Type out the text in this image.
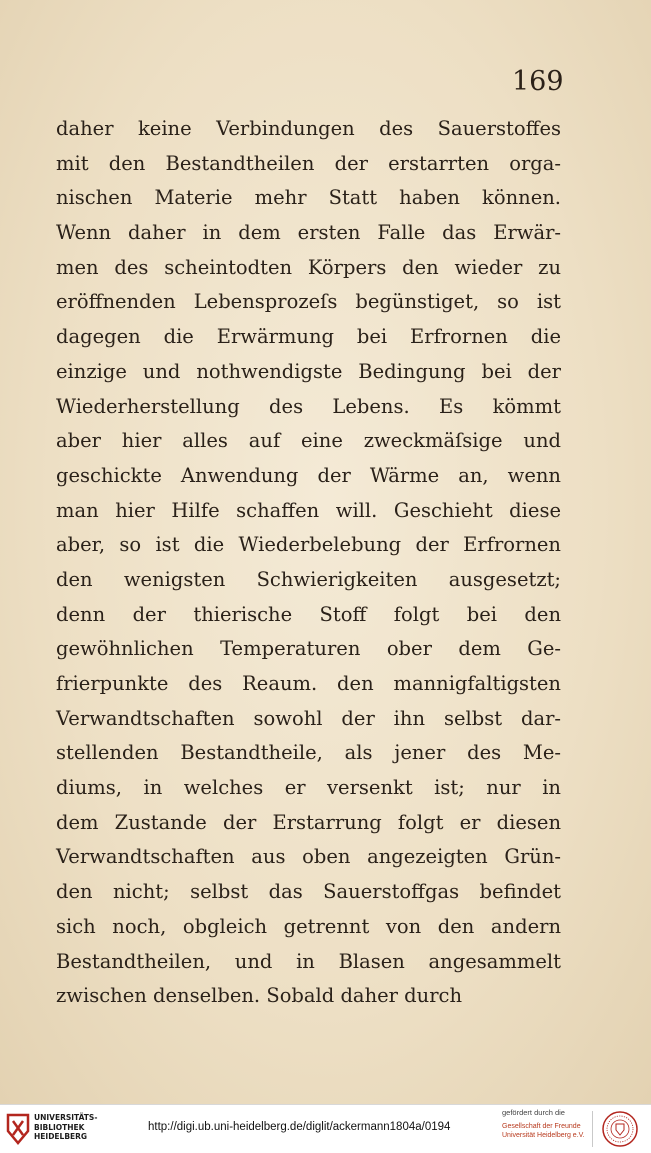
169
daher keine Verbindungen des Sauerstoffes
mit den Bestandtheilen der erstarrten orga-
nischen Materie mehr Statt haben können.
Wenn daher in dem ersten Falle das Erwär-
men des scheintodten Körpers den wieder zu
eröffnenden Lebensprozeſs begünstiget, so ist
dagegen die Erwärmung bei Erfrornen die
einzige und nothwendigste Bedingung bei der
Wiederherstellung des Lebens. Es kömmt
aber hier alles auf eine zweckmäſsige und
geschickte Anwendung der Wärme an, wenn
man hier Hilfe schaffen will. Geschieht diese
aber, so ist die Wiederbelebung der Erfrornen
den wenigsten Schwierigkeiten ausgesetzt;
denn der thierische Stoff folgt bei den
gewöhnlichen Temperaturen ober dem Ge-
frierpunkte des Reaum. den mannigfaltigsten
Verwandtschaften sowohl der ihn selbst dar-
stellenden Bestandtheile, als jener des Me-
diums, in welches er versenkt ist; nur in
dem Zustande der Erstarrung folgt er diesen
Verwandtschaften aus oben angezeigten Grün-
den nicht; selbst das Sauerstoffgas befindet
sich noch, obgleich getrennt von den andern
Bestandtheilen, und in Blasen angesammelt
zwischen denselben. Sobald daher durch
UNIVERSITÄTS-
BIBLIOTHEK
HEIDELBERG
http://digi.ub.uni-heidelberg.de/diglit/ackermann1804a/0194
gefördert durch die
Gesellschaft der Freunde
Universität Heidelberg e.V.
